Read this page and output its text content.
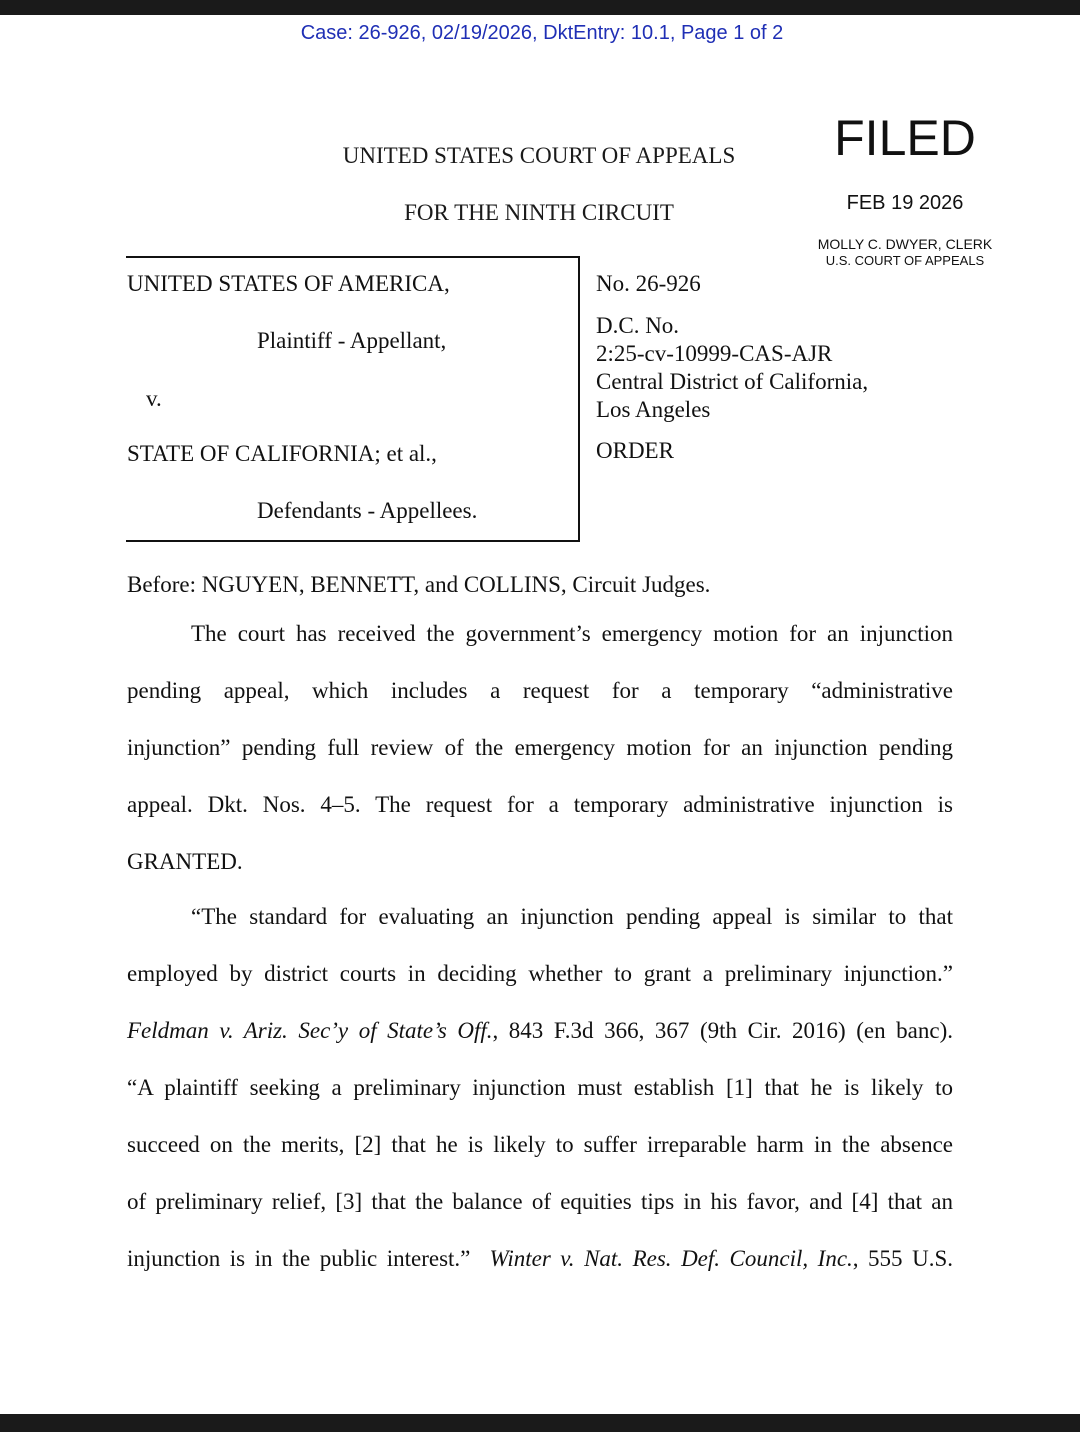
Case: 26-926, 02/19/2026, DktEntry: 10.1, Page 1 of 2
UNITED STATES COURT OF APPEALS
FOR THE NINTH CIRCUIT
FILED
FEB 19 2026
MOLLY C. DWYER, CLERK
U.S. COURT OF APPEALS
UNITED STATES OF AMERICA,
Plaintiff - Appellant,
v.
STATE OF CALIFORNIA; et al.,
Defendants - Appellees.
No. 26-926
D.C. No.
2:25-cv-10999-CAS-AJR
Central District of California,
Los Angeles
ORDER
Before: NGUYEN, BENNETT, and COLLINS, Circuit Judges.
The court has received the government’s emergency motion for an injunction
pending appeal, which includes a request for a temporary “administrative
injunction” pending full review of the emergency motion for an injunction pending
appeal. Dkt. Nos. 4–5. The request for a temporary administrative injunction is
GRANTED.
“The standard for evaluating an injunction pending appeal is similar to that
employed by district courts in deciding whether to grant a preliminary injunction.”
Feldman v. Ariz. Sec’y of State’s Off., 843 F.3d 366, 367 (9th Cir. 2016) (en banc).
“A plaintiff seeking a preliminary injunction must establish [1] that he is likely to
succeed on the merits, [2] that he is likely to suffer irreparable harm in the absence
of preliminary relief, [3] that the balance of equities tips in his favor, and [4] that an
injunction is in the public interest.”  Winter v. Nat. Res. Def. Council, Inc., 555 U.S.
